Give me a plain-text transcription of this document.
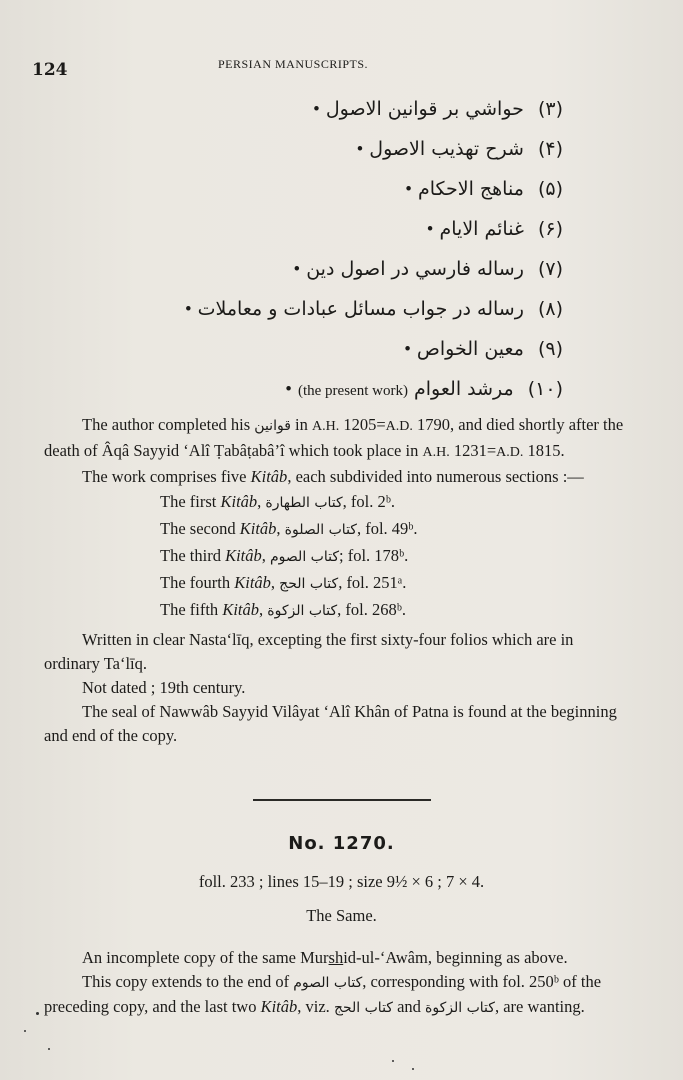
124	PERSIAN MANUSCRIPTS.
(۳) حواشي بر قوانين الاصول •
(۴) شرح تهذيب الاصول •
(۵) مناهج الاحكام •
(۶) غنائم الايام •
(۷) رساله فارسي در اصول دين •
(۸) رساله در جواب مسائل عبادات و معاملات •
(۹) معين الخواص •
(۱۰) مرشد العوام (the present work) •

The author completed his قوانين in A.H. 1205=A.D. 1790, and died shortly after the death of Âqâ Sayyid ‘Alî Ṭabâṭabâ’î which took place in A.H. 1231=A.D. 1815.

The work comprises five Kitâb, each subdivided into numerous sections :—

The first Kitâb, كتاب الطهارة, fol. 2ᵇ.
The second Kitâb, كتاب الصلوة, fol. 49ᵇ.
The third Kitâb, كتاب الصوم; fol. 178ᵇ.
The fourth Kitâb, كتاب الحج, fol. 251ᵃ.
The fifth Kitâb, كتاب الزكوة, fol. 268ᵇ.

Written in clear Nasta‘līq, excepting the first sixty-four folios which are in ordinary Ta‘līq.

Not dated ; 19th century.

The seal of Nawwâb Sayyid Vilâyat ‘Alî Khân of Patna is found at the beginning and end of the copy.

No. 1270.
foll. 233 ; lines 15–19 ; size 9½ × 6 ; 7 × 4.
The Same.

An incomplete copy of the same Murshid-ul-‘Awâm, beginning as above.

This copy extends to the end of كتاب الصوم, corresponding with fol. 250ᵇ of the preceding copy, and the last two Kitâb, viz. كتاب الحج and كتاب الزكوة, are wanting.
